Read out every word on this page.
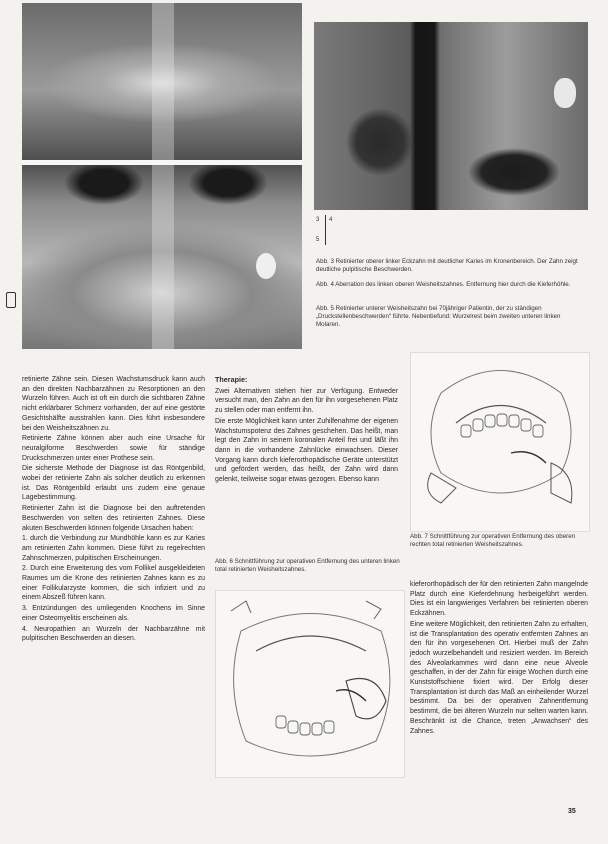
3 4
5
Abb. 3 Retinierter oberer linker Eckzahn mit deutlicher Karies im Kronenbereich. Der Zahn zeigt deutliche pulpitische Beschwerden.
Abb. 4 Aberration des linken oberen Weisheitszahnes. Entfernung hier durch die Kieferhöhle.
Abb. 5 Retinierter unterer Weisheitszahn bei 70jähriger Patientin, der zu ständigen „Druckstellenbeschwerden“ führte. Nebenbefund: Wurzelrest beim zweiten unteren linken Molaren.
Abb. 7 Schnittführung zur operativen Entfernung des oberen rechten total retinierten Weisheitszahnes.

retinierte Zähne sein. Diesen Wachstumsdruck kann auch an den direkten Nachbarzähnen zu Resorptionen an den Wurzeln führen. Auch ist oft ein durch die sichtbaren Zähne nicht erklärbarer Schmerz vorhanden, der auf eine gestörte Gesichtshälfte ausstrahlen kann. Dies führt insbesondere bei den Weisheitszähnen zu.

Retinierte Zähne können aber auch eine Ursache für neuralgiforme Beschwerden sowie für ständige Druckschmerzen unter einer Prothese sein.

Die sicherste Methode der Diagnose ist das Röntgenbild, wobei der retinierte Zahn als solcher deutlich zu erkennen ist. Das Röntgenbild erlaubt uns zudem eine genaue Lagebestimmung.

Retinierter Zahn ist die Diagnose bei den auftretenden Beschwerden von selten des retinierten Zahnes. Diese akuten Beschwerden können folgende Ursachen haben:

1. durch die Verbindung zur Mundhöhle kann es zur Karies am retinierten Zahn kommen. Diese führt zu regelrechten Zahnschmerzen, pulpitischen Erscheinungen.

2. Durch eine Erweiterung des vom Follikel ausgekleideten Raumes um die Krone des retinierten Zahnes kann es zu einer Follikularzyste kommen, die sich infiziert und zu einem Abszeß führen kann.

3. Entzündungen des umliegenden Knochens im Sinne einer Osteomyelitis erscheinen als.

4. Neuropathien an Wurzeln der Nachbarzähne mit pulpitischen Beschwerden an diesen.

Therapie:

Zwei Alternativen stehen hier zur Verfügung. Entweder versucht man, den Zahn an den für ihn vorgesehenen Platz zu stellen oder man entfernt ihn.

Die erste Möglichkeit kann unter Zuhilfenahme der eigenen Wachstumspotenz des Zahnes geschehen. Das heißt, man legt den Zahn in seinem koronalen Anteil frei und läßt ihn dann in die vorhandene Zahnlücke einwachsen. Dieser Vorgang kann durch kieferorthopädische Geräte unterstützt und gefördert werden, das heißt, der Zahn wird dann gelenkt, teilweise sogar etwas gezogen. Ebenso kann

Abb. 6 Schnittführung zur operativen Entfernung des unteren linken total retinierten Weisheitszahnes.

kieferorthopädisch der für den retinierten Zahn mangelnde Platz durch eine Kieferdehnung herbeigeführt werden. Dies ist ein langwieriges Verfahren bei retinierten oberen Eckzähnen.

Eine weitere Möglichkeit, den retinierten Zahn zu erhalten, ist die Transplantation des operativ entfernten Zahnes an den für ihn vorgesehenen Ort. Hierbei muß der Zahn jedoch wurzelbehandelt und resiziert werden. Im Bereich des Alveolarkammes wird dann eine neue Alveole geschaffen, in der der Zahn für einige Wochen durch eine Kunststoffschiene fixiert wird. Der Erfolg dieser Transplantation ist durch das Maß an einheilender Wurzel bestimmt. Da bei der operativen Zahnentfernung bestimmt, die bei älteren Wurzeln nur selten warten kann. Beschränkt ist die Chance, treten „Anwachsen“ des Zahnes.

35
